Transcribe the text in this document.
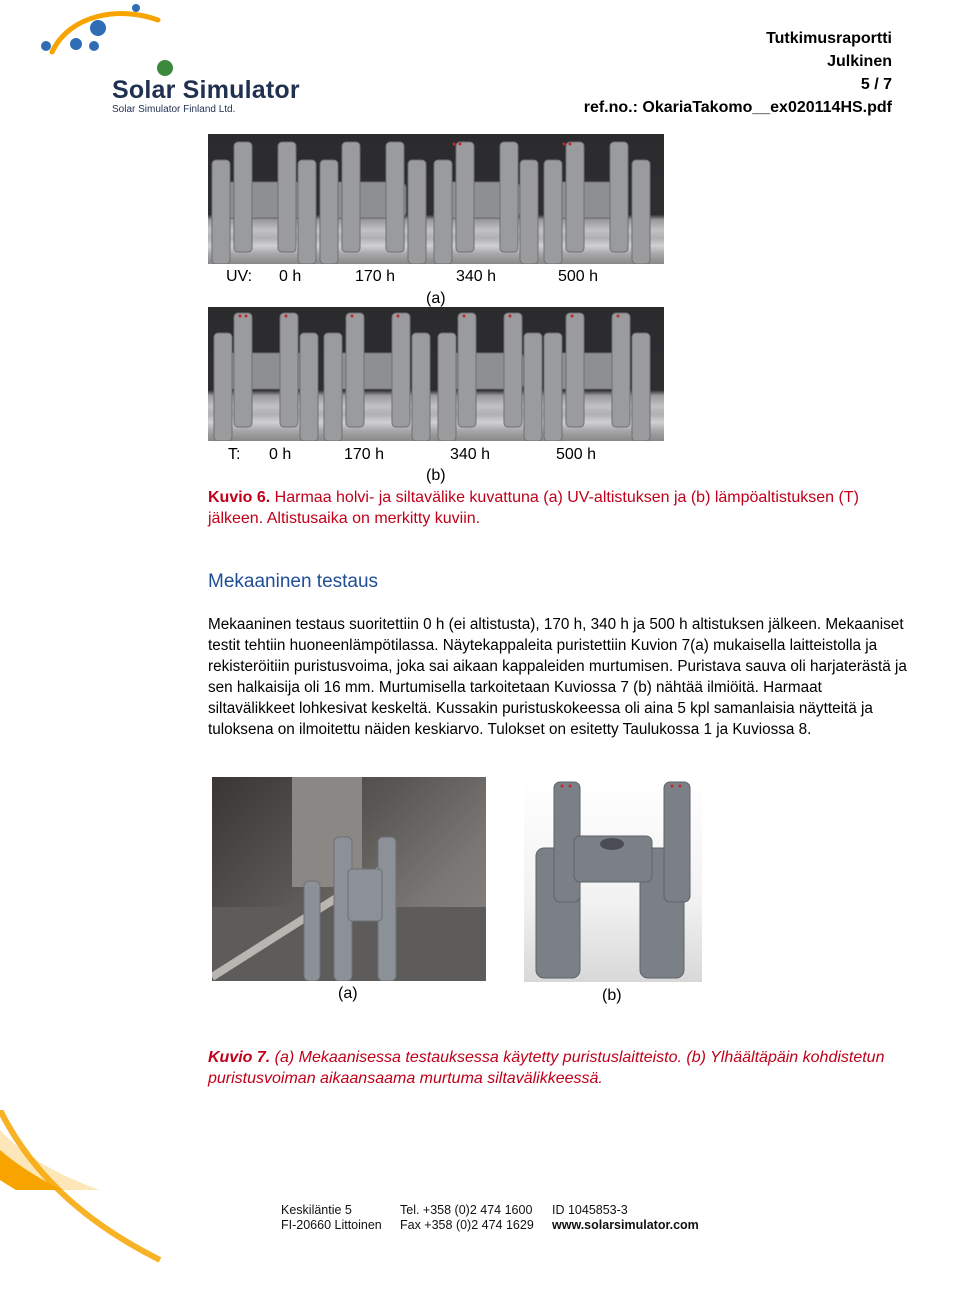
Solar Simulator
Solar Simulator Finland Ltd.
Tutkimusraportti
Julkinen
5 / 7
ref.no.: OkariaTakomo__ex020114HS.pdf
UV: 0 h	170 h	340 h	500 h
(a)
T: 0 h	170 h	340 h	500 h
(b)
Kuvio 6. Harmaa holvi- ja siltavälike kuvattuna (a) UV-altistuksen ja (b) lämpöaltistuksen (T) jälkeen. Altistusaika on merkitty kuviin.
Mekaaninen testaus
Mekaaninen testaus suoritettiin 0 h (ei altistusta), 170 h, 340 h ja 500 h altistuksen jälkeen. Mekaaniset testit tehtiin huoneenlämpötilassa. Näytekappaleita puristettiin Kuvion 7(a) mukaisella laitteistolla ja rekisteröitiin puristusvoima, joka sai aikaan kappaleiden murtumisen. Puristava sauva oli harjaterästä ja sen halkaisija oli 16 mm. Murtumisella tarkoitetaan Kuviossa 7 (b) nähtää ilmiöitä. Harmaat siltavälikkeet lohkesivat keskeltä. Kussakin puristuskokeessa oli aina 5 kpl samanlaisia näytteitä ja tuloksena on ilmoitettu näiden keskiarvo. Tulokset on esitetty Taulukossa 1 ja Kuviossa 8.
(a)	(b)
Kuvio 7. (a) Mekaanisessa testauksessa käytetty puristuslaitteisto. (b) Ylhäältäpäin kohdistetun puristusvoiman aikaansaama murtuma siltavälikkeessä.
Keskiläntie 5
FI-20660 Littoinen
Tel. +358 (0)2 474 1600
Fax +358 (0)2 474 1629
ID 1045853-3
www.solarsimulator.com
